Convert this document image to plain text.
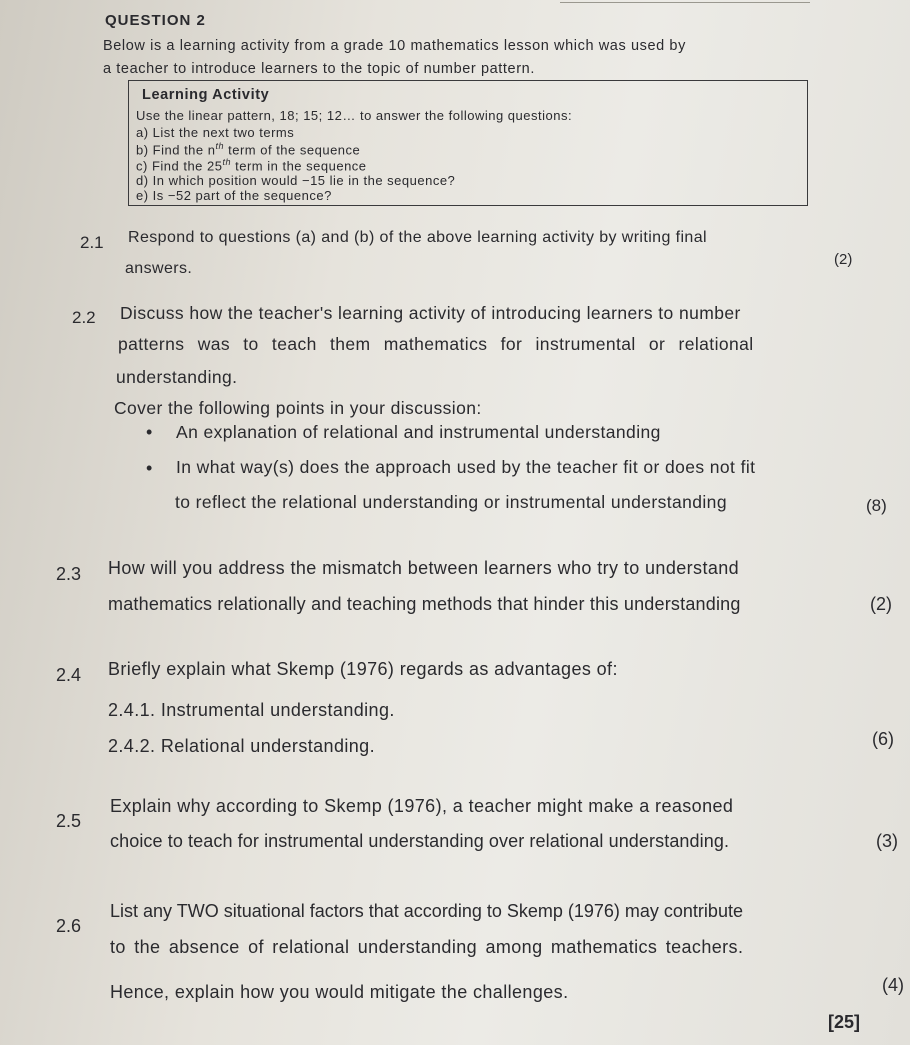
QUESTION 2
Below is a learning activity from a grade 10 mathematics lesson which was used by
a teacher to introduce learners to the topic of number pattern.
Learning Activity
Use the linear pattern, 18; 15; 12… to answer the following questions:
a) List the next two terms
b) Find the $n^{th}$ term of the sequence
c) Find the 25th term in the sequence
d) In which position would −15 lie in the sequence?
e) Is −52 part of the sequence?
2.1 Respond to questions (a) and (b) of the above learning activity by writing final
answers.
(2)
2.2 Discuss how the teacher's learning activity of introducing learners to number
patterns was to teach them mathematics for instrumental or relational
understanding.
Cover the following points in your discussion:
• An explanation of relational and instrumental understanding
• In what way(s) does the approach used by the teacher fit or does not fit
to reflect the relational understanding or instrumental understanding	(8)
2.3 How will you address the mismatch between learners who try to understand
mathematics relationally and teaching methods that hinder this understanding	(2)
2.4 Briefly explain what Skemp (1976) regards as advantages of:
2.4.1. Instrumental understanding.
2.4.2. Relational understanding.	(6)
2.5
Explain why according to Skemp (1976), a teacher might make a reasoned
choice to teach for instrumental understanding over relational understanding.	(3)
2.6
List any TWO situational factors that according to Skemp (1976) may contribute
to the absence of relational understanding among mathematics teachers.
Hence, explain how you would mitigate the challenges.	(4)
[25]
